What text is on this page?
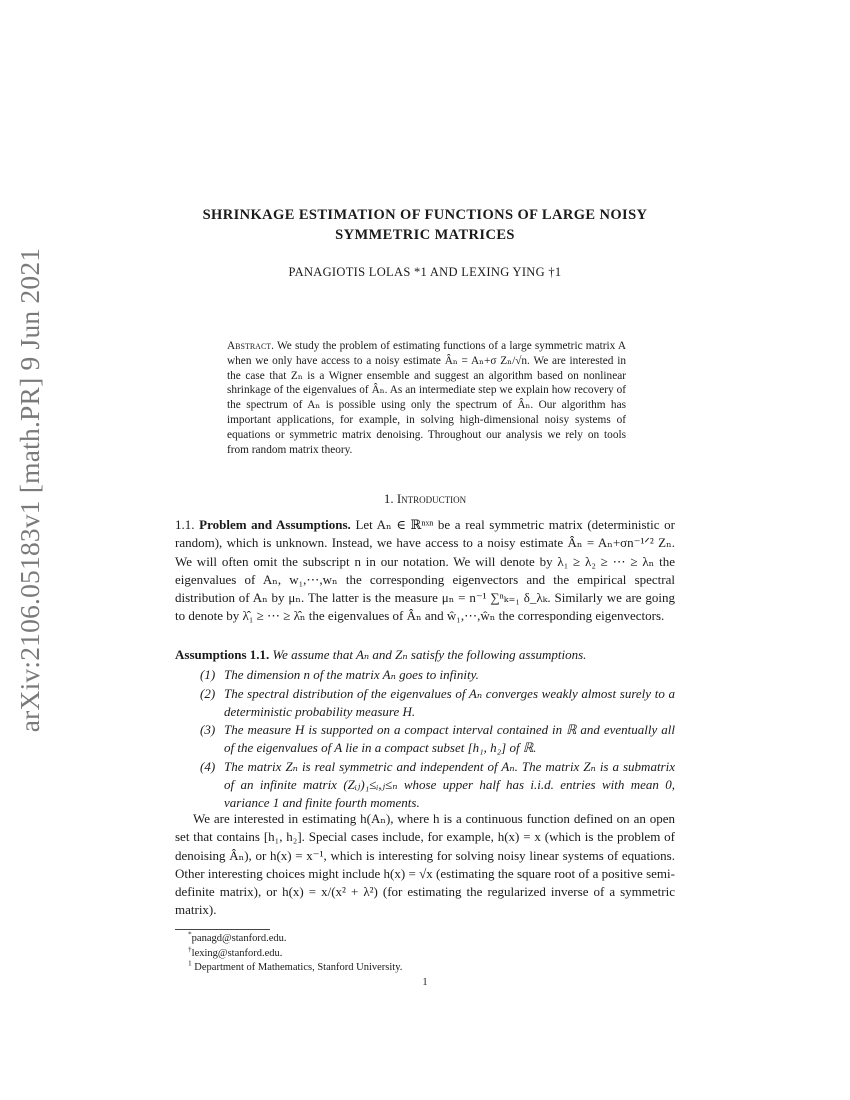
arXiv:2106.05183v1 [math.PR] 9 Jun 2021
SHRINKAGE ESTIMATION OF FUNCTIONS OF LARGE NOISY
SYMMETRIC MATRICES
PANAGIOTIS LOLAS *1 AND LEXING YING †1
Abstract. We study the problem of estimating functions of a large symmetric matrix A when we only have access to a noisy estimate Âₙ = Aₙ+σ Zₙ/√n. We are interested in the case that Zₙ is a Wigner ensemble and suggest an algorithm based on nonlinear shrinkage of the eigenvalues of Âₙ. As an intermediate step we explain how recovery of the spectrum of Aₙ is possible using only the spectrum of Âₙ. Our algorithm has important applications, for example, in solving high-dimensional noisy systems of equations or symmetric matrix denoising. Throughout our analysis we rely on tools from random matrix theory.
1. Introduction
1.1. Problem and Assumptions. Let Aₙ ∈ ℝⁿˣⁿ be a real symmetric matrix (deterministic or random), which is unknown. Instead, we have access to a noisy estimate Âₙ = Aₙ+σn⁻¹ᐟ² Zₙ. We will often omit the subscript n in our notation. We will denote by λ₁ ≥ λ₂ ≥ ⋯ ≥ λₙ the eigenvalues of Aₙ, w₁,⋯,wₙ the corresponding eigenvectors and the empirical spectral distribution of Aₙ by μₙ. The latter is the measure μₙ = n⁻¹ ∑ⁿₖ₌₁ δ_λₖ. Similarly we are going to denote by λ̂₁ ≥ ⋯ ≥ λ̂ₙ the eigenvalues of Âₙ and ŵ₁,⋯,ŵₙ the corresponding eigenvectors.
Assumptions 1.1. We assume that Aₙ and Zₙ satisfy the following assumptions.
(1) The dimension n of the matrix Aₙ goes to infinity.
(2) The spectral distribution of the eigenvalues of Aₙ converges weakly almost surely to a deterministic probability measure H.
(3) The measure H is supported on a compact interval contained in ℝ and eventually all of the eigenvalues of A lie in a compact subset [h₁, h₂] of ℝ.
(4) The matrix Zₙ is real symmetric and independent of Aₙ. The matrix Zₙ is a submatrix of an infinite matrix (Zᵢⱼ)₁≤ᵢ,ⱼ≤ₙ whose upper half has i.i.d. entries with mean 0, variance 1 and finite fourth moments.
We are interested in estimating h(Aₙ), where h is a continuous function defined on an open set that contains [h₁, h₂]. Special cases include, for example, h(x) = x (which is the problem of denoising Âₙ), or h(x) = x⁻¹, which is interesting for solving noisy linear systems of equations. Other interesting choices might include h(x) = √x (estimating the square root of a positive semi-definite matrix), or h(x) = x/(x² + λ²) (for estimating the regularized inverse of a symmetric matrix).
*panagd@stanford.edu.
†lexing@stanford.edu.
$^1$ Department of Mathematics, Stanford University.
1
